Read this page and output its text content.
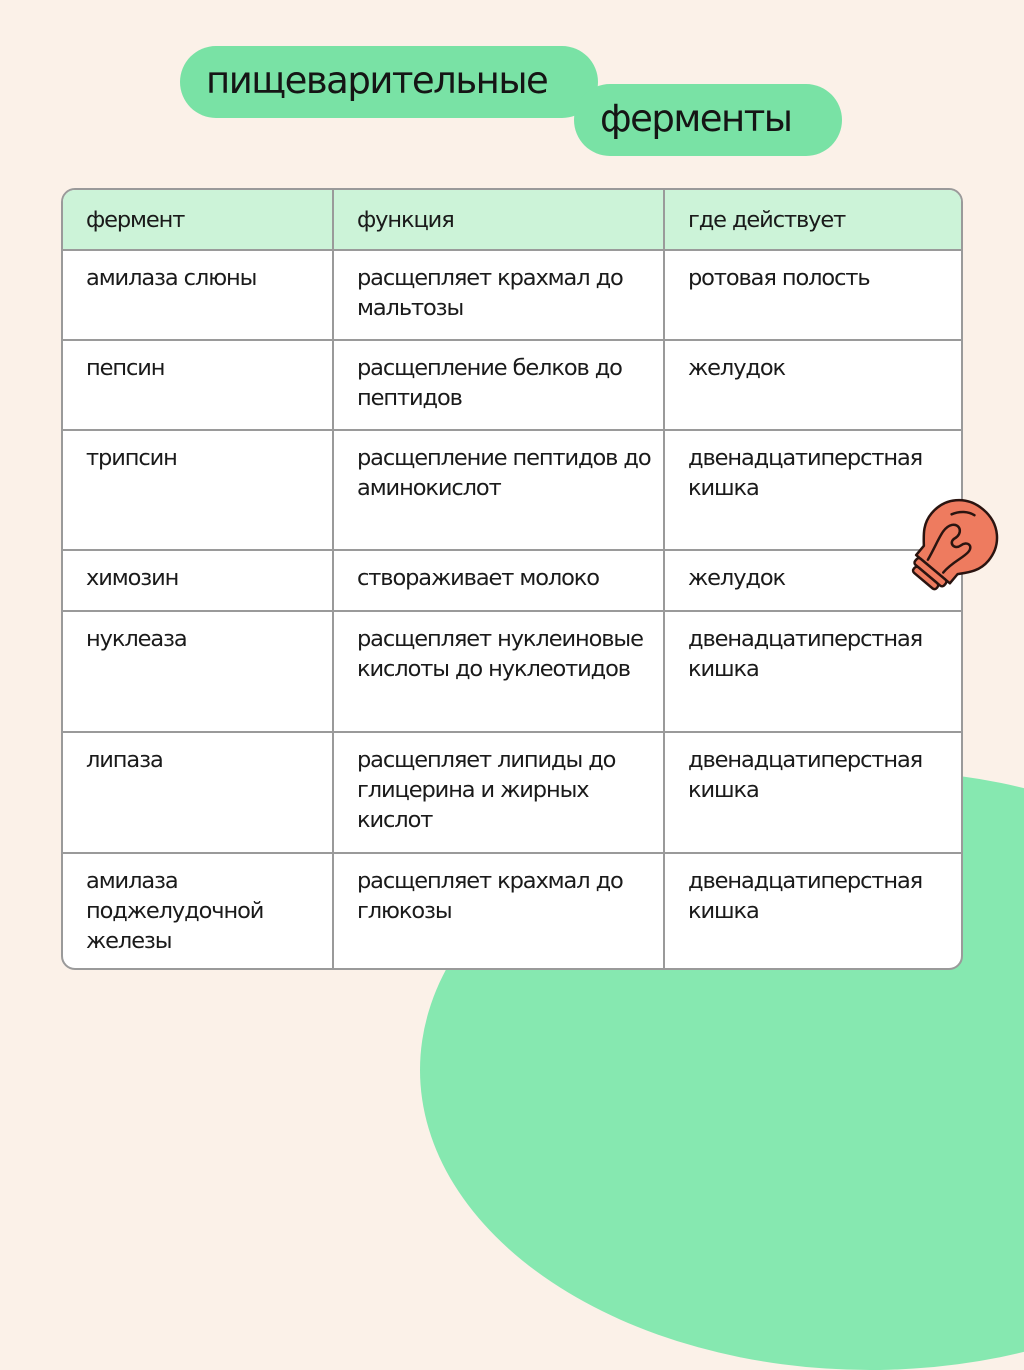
пищеварительные
ферменты
фермент	функция	где действует
амилаза слюны	расщепляет крахмал до мальтозы	ротовая полость
пепсин	расщепление белков до пептидов	желудок
трипсин	расщепление пептидов до аминокислот	двенадцатиперстная кишка
химозин	створаживает молоко	желудок
нуклеаза	расщепляет нуклеиновые кислоты до нуклеотидов	двенадцатиперстная кишка
липаза	расщепляет липиды до глицерина и жирных кислот	двенадцатиперстная кишка
амилаза поджелудочной железы	расщепляет крахмал до глюкозы	двенадцатиперстная кишка
